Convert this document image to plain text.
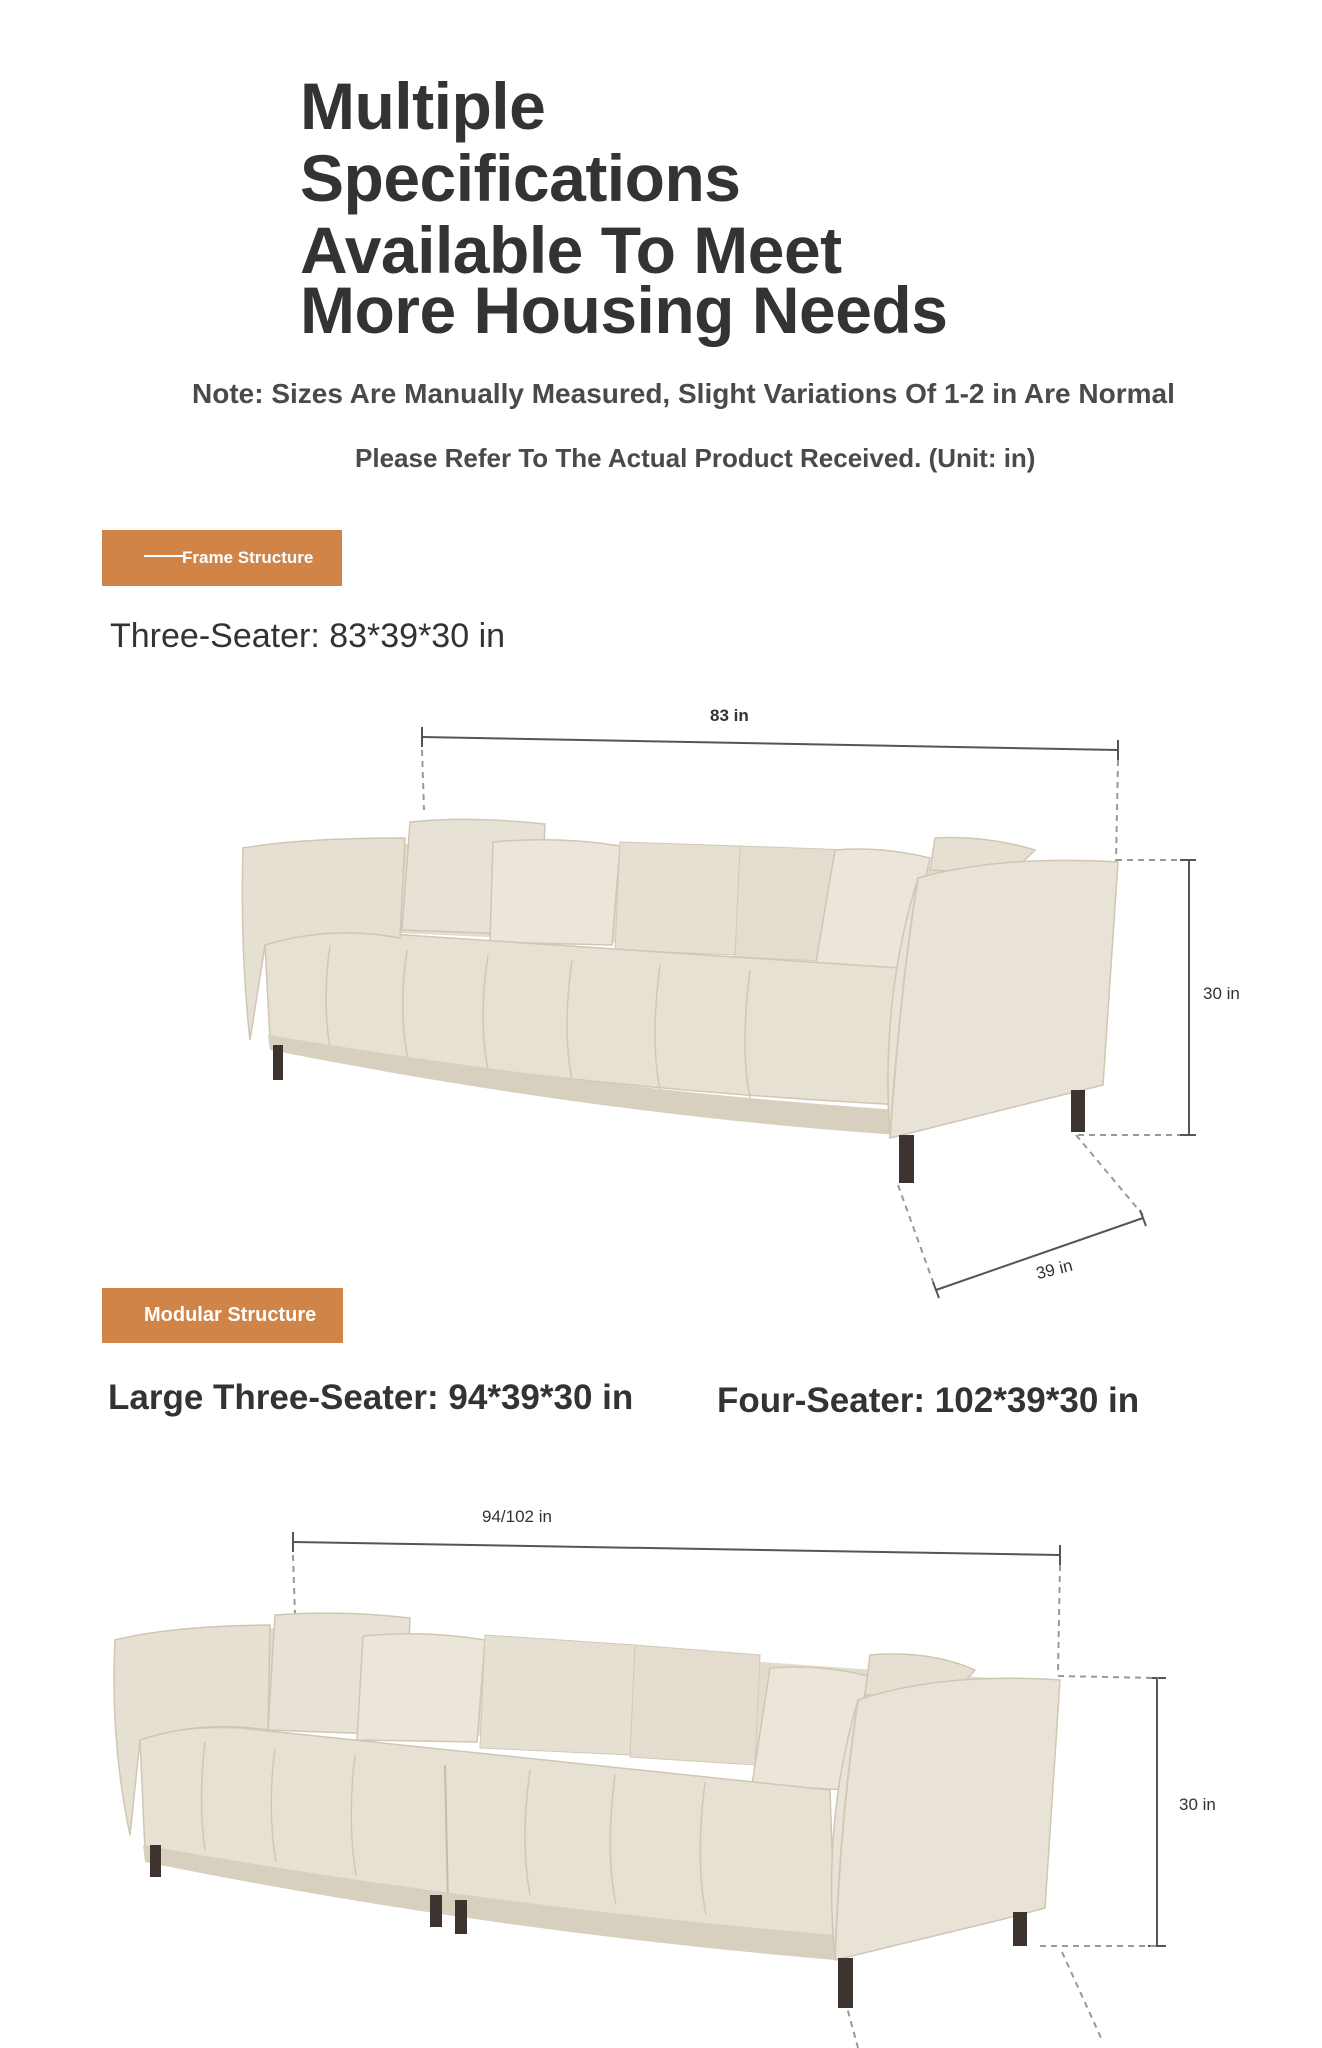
Multiple
Specifications
Available To Meet
More Housing Needs
Note: Sizes Are Manually Measured, Slight Variations Of 1-2 in Are Normal
Please Refer To The Actual Product Received. (Unit: in)
Frame Structure
Three-Seater: 83*39*30 in
83 in
30 in
39 in
Modular Structure
Large Three-Seater: 94*39*30 in Four-Seater: 102*39*30 in
94/102 in
30 in
